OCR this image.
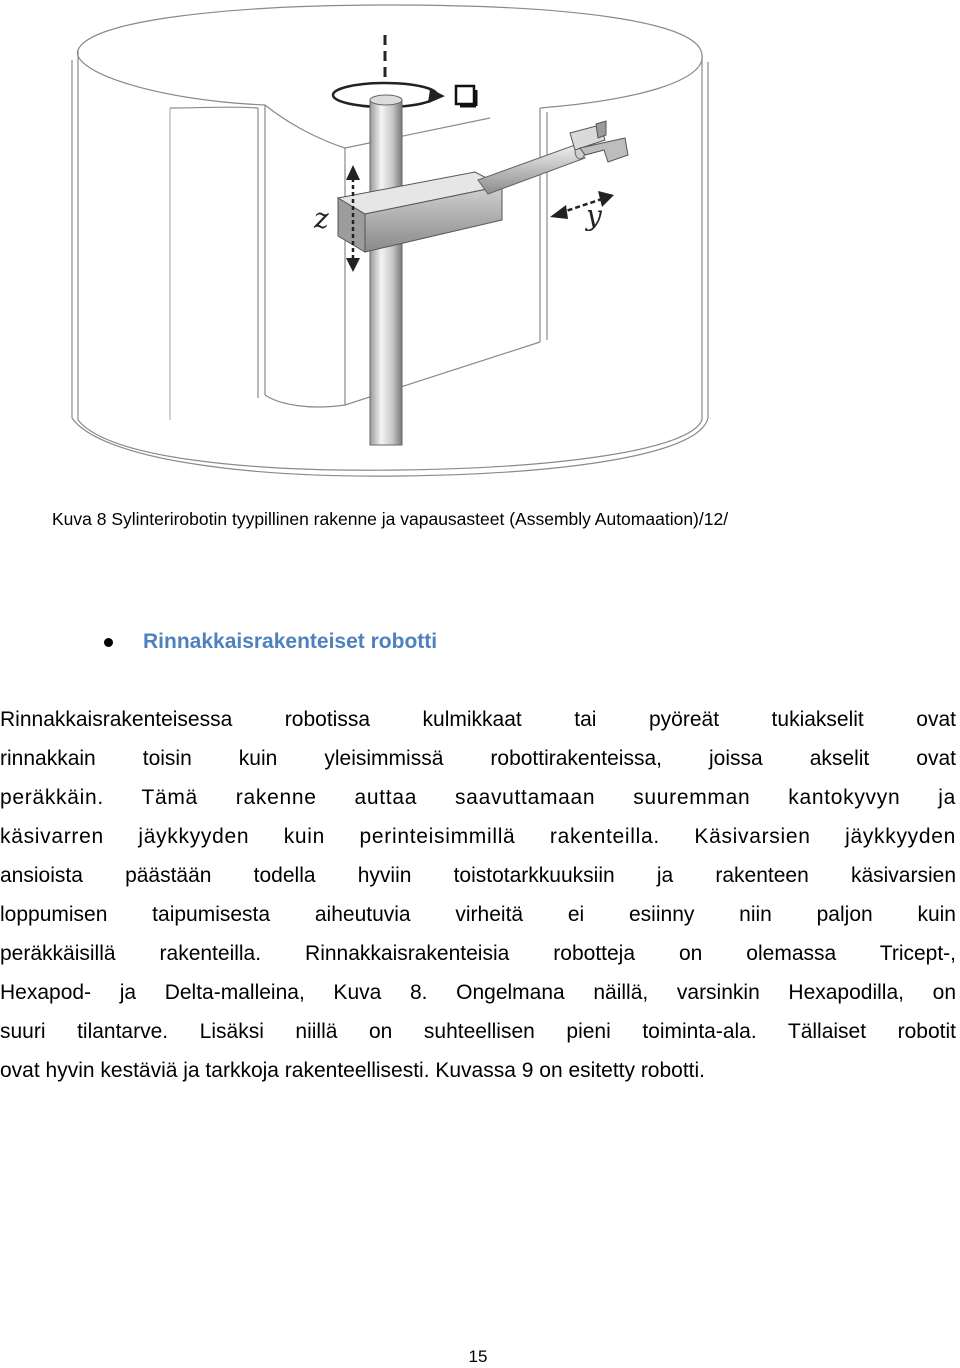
z	y
Kuva 8 Sylinterirobotin tyypillinen rakenne ja vapausasteet (Assembly Automaation)/12/
Rinnakkaisrakenteiset robotti
Rinnakkaisrakenteisessa robotissa kulmikkaat tai pyöreät tukiakselit ovat
rinnakkain toisin kuin yleisimmissä robottirakenteissa, joissa akselit ovat
peräkkäin. Tämä rakenne auttaa saavuttamaan suuremman kantokyvyn ja
käsivarren jäykkyyden kuin perinteisimmillä rakenteilla. Käsivarsien jäykkyyden
ansioista päästään todella hyviin toistotarkkuuksiin ja rakenteen käsivarsien
loppumisen taipumisesta aiheutuvia virheitä ei esiinny niin paljon kuin
peräkkäisillä rakenteilla. Rinnakkaisrakenteisia robotteja on olemassa Tricept-,
Hexapod- ja Delta-malleina, Kuva 8. Ongelmana näillä, varsinkin Hexapodilla, on
suuri tilantarve. Lisäksi niillä on suhteellisen pieni toiminta-ala. Tällaiset robotit
ovat hyvin kestäviä ja tarkkoja rakenteellisesti. Kuvassa 9 on esitetty robotti.
15
